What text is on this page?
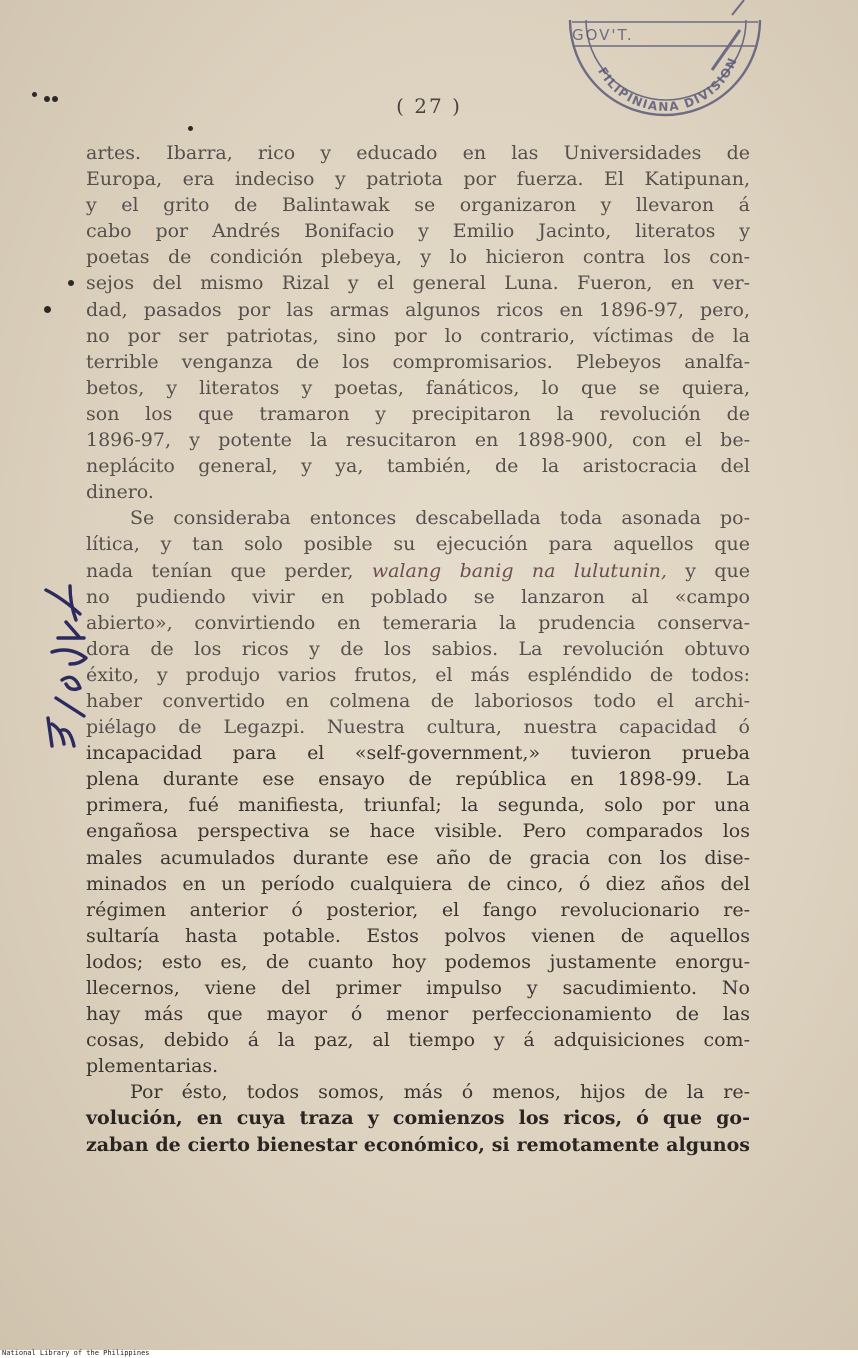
GOV'T.
FILIPINIANA DIVISION
( 27 )
artes. Ibarra, rico y educado en las Universidades de
Europa, era indeciso y patriota por fuerza. El Katipunan,
y el grito de Balintawak se organizaron y llevaron á
cabo por Andrés Bonifacio y Emilio Jacinto, literatos y
poetas de condición plebeya, y lo hicieron contra los con-
sejos del mismo Rizal y el general Luna. Fueron, en ver-
dad, pasados por las armas algunos ricos en 1896-97, pero,
no por ser patriotas, sino por lo contrario, víctimas de la
terrible venganza de los compromisarios. Plebeyos analfa-
betos, y literatos y poetas, fanáticos, lo que se quiera,
son los que tramaron y precipitaron la revolución de
1896-97, y potente la resucitaron en 1898-900, con el be-
neplácito general, y ya, también, de la aristocracia del
dinero.
Se consideraba entonces descabellada toda asonada po-
lítica, y tan solo posible su ejecución para aquellos que
nada tenían que perder, walang banig na lulutunin, y que
no pudiendo vivir en poblado se lanzaron al «campo
abierto», convirtiendo en temeraria la prudencia conserva-
dora de los ricos y de los sabios. La revolución obtuvo
éxito, y produjo varios frutos, el más espléndido de todos:
haber convertido en colmena de laboriosos todo el archi-
piélago de Legazpi. Nuestra cultura, nuestra capacidad ó
incapacidad para el «self-government,» tuvieron prueba
plena durante ese ensayo de república en 1898-99. La
primera, fué manifiesta, triunfal; la segunda, solo por una
engañosa perspectiva se hace visible. Pero comparados los
males acumulados durante ese año de gracia con los dise-
minados en un período cualquiera de cinco, ó diez años del
régimen anterior ó posterior, el fango revolucionario re-
sultaría hasta potable. Estos polvos vienen de aquellos
lodos; esto es, de cuanto hoy podemos justamente enorgu-
llecernos, viene del primer impulso y sacudimiento. No
hay más que mayor ó menor perfeccionamiento de las
cosas, debido á la paz, al tiempo y á adquisiciones com-
plementarias.
Por ésto, todos somos, más ó menos, hijos de la re-
volución, en cuya traza y comienzos los ricos, ó que go-
zaban de cierto bienestar económico, si remotamente algunos
National Library of the Philippines
